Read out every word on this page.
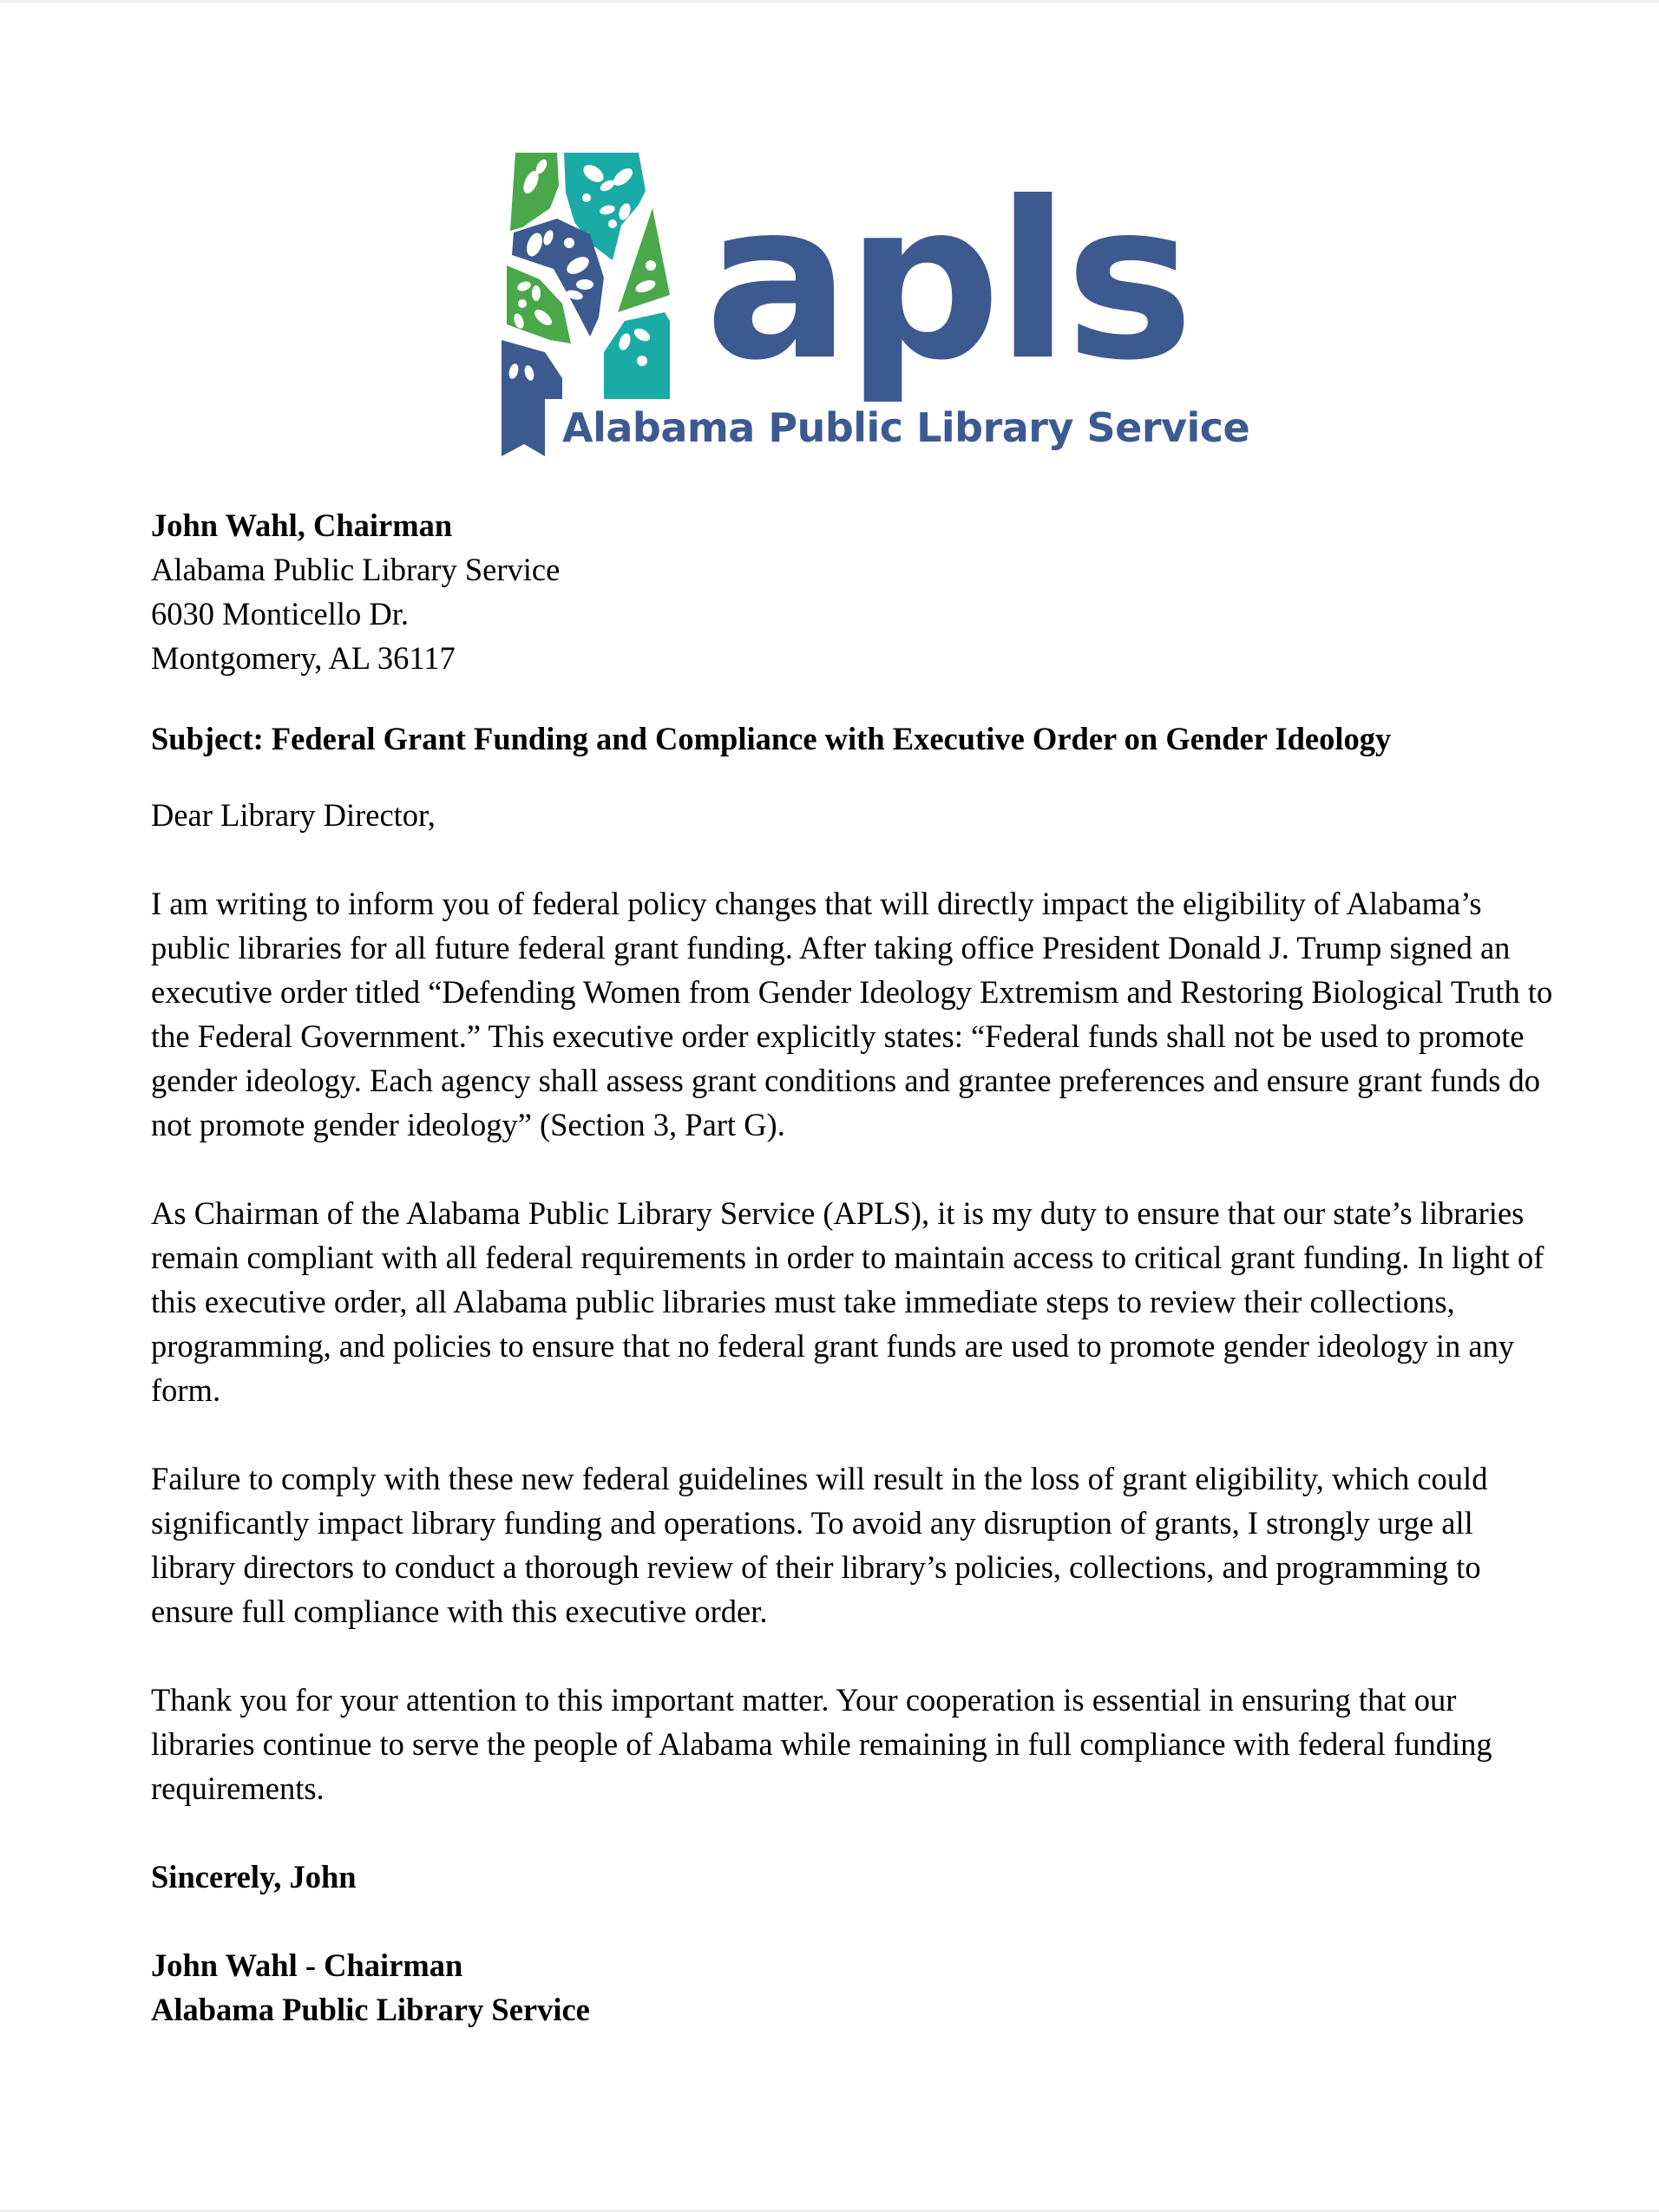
apls
Alabama Public Library Service
John Wahl, Chairman
Alabama Public Library Service
6030 Monticello Dr.
Montgomery, AL 36117

Subject: Federal Grant Funding and Compliance with Executive Order on Gender Ideology

Dear Library Director,

I am writing to inform you of federal policy changes that will directly impact the eligibility of Alabama’s public libraries for all future federal grant funding. After taking office President Donald J. Trump signed an executive order titled “Defending Women from Gender Ideology Extremism and Restoring Biological Truth to the Federal Government.” This executive order explicitly states: “Federal funds shall not be used to promote gender ideology. Each agency shall assess grant conditions and grantee preferences and ensure grant funds do not promote gender ideology” (Section 3, Part G).

As Chairman of the Alabama Public Library Service (APLS), it is my duty to ensure that our state’s libraries remain compliant with all federal requirements in order to maintain access to critical grant funding. In light of this executive order, all Alabama public libraries must take immediate steps to review their collections, programming, and policies to ensure that no federal grant funds are used to promote gender ideology in any form.

Failure to comply with these new federal guidelines will result in the loss of grant eligibility, which could significantly impact library funding and operations. To avoid any disruption of grants, I strongly urge all library directors to conduct a thorough review of their library’s policies, collections, and programming to ensure full compliance with this executive order.

Thank you for your attention to this important matter. Your cooperation is essential in ensuring that our libraries continue to serve the people of Alabama while remaining in full compliance with federal funding requirements.

Sincerely, John

John Wahl - Chairman
Alabama Public Library Service
